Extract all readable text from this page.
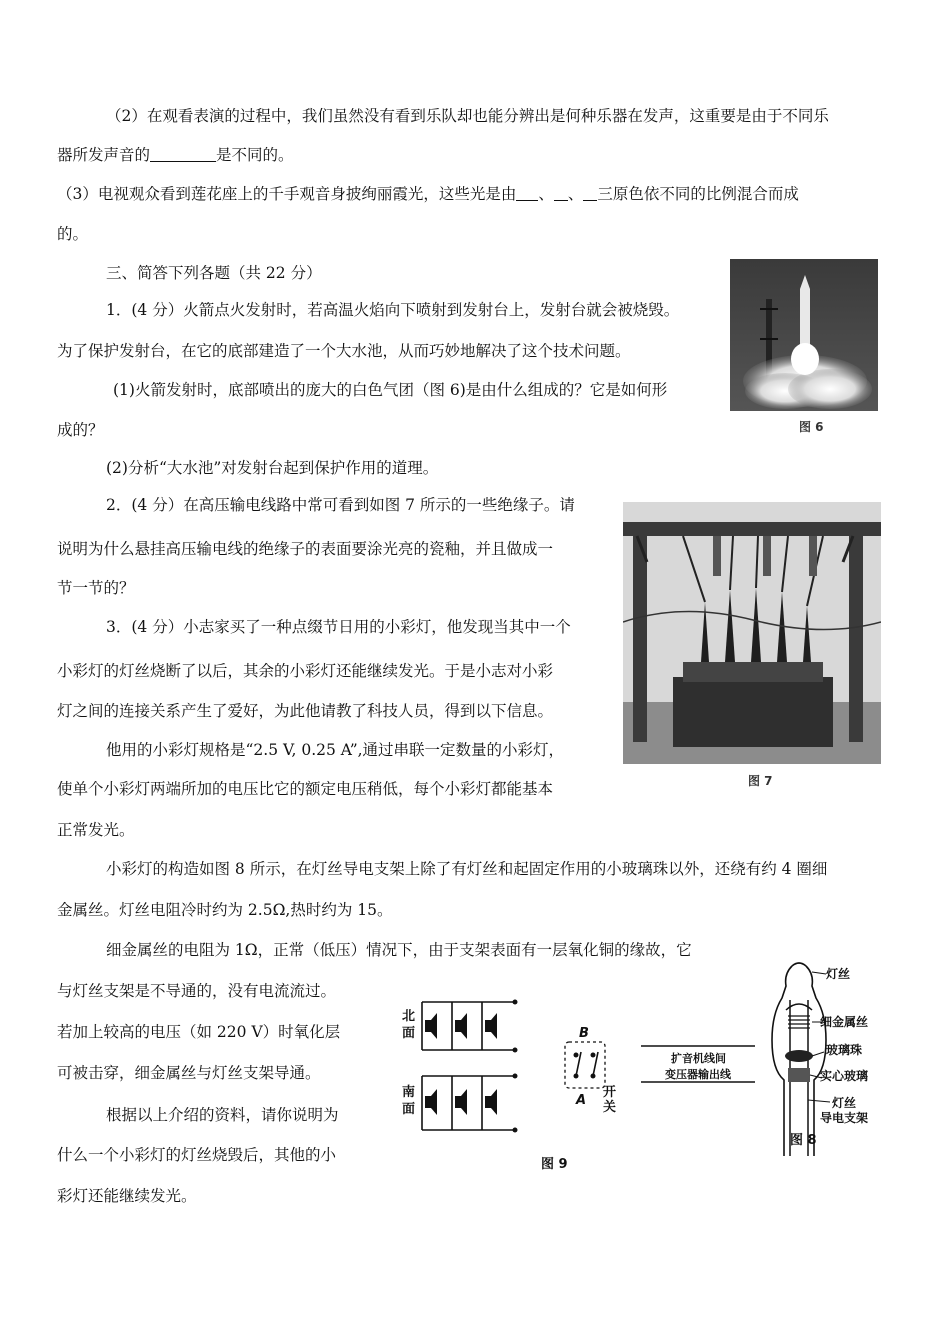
（2）在观看表演的过程中，我们虽然没有看到乐队却也能分辨出是何种乐器在发声，这重要是由于不同乐
器所发声音的	是不同的。
（3）电视观众看到莲花座上的千手观音身披绚丽霞光，这些光是由 、 、 三原色依不同的比例混合而成
的。
三、简答下列各题（共 22 分）
1．(4 分）火箭点火发射时，若高温火焰向下喷射到发射台上，发射台就会被烧毁。
为了保护发射台，在它的底部建造了一个大水池，从而巧妙地解决了这个技术问题。
(1)火箭发射时，底部喷出的庞大的白色气团（图 6)是由什么组成的？它是如何形
成的？
(2)分析“大水池”对发射台起到保护作用的道理。
2．(4 分）在高压输电线路中常可看到如图 7 所示的一些绝缘子。请
说明为什么悬挂高压输电线的绝缘子的表面要涂光亮的瓷釉，并且做成一
节一节的？
3．(4 分）小志家买了一种点缀节日用的小彩灯，他发现当其中一个
小彩灯的灯丝烧断了以后，其余的小彩灯还能继续发光。于是小志对小彩
灯之间的连接关系产生了爱好，为此他请教了科技人员，得到以下信息。
他用的小彩灯规格是“2.5 V, 0.25 A”,通过串联一定数量的小彩灯，
使单个小彩灯两端所加的电压比它的额定电压稍低，每个小彩灯都能基本
正常发光。
小彩灯的构造如图 8 所示，在灯丝导电支架上除了有灯丝和起固定作用的小玻璃珠以外，还绕有约 4 圈细
金属丝。灯丝电阻冷时约为 2.5Ω,热时约为 15。
细金属丝的电阻为 1Ω，正常（低压）情况下，由于支架表面有一层氧化铜的缘故，它
与灯丝支架是不导通的，没有电流流过。
若加上较高的电压（如 220 V）时氧化层
可被击穿，细金属丝与灯丝支架导通。
根据以上介绍的资料，请你说明为
什么一个小彩灯的灯丝烧毁后，其他的小
彩灯还能继续发光。
图 6
图 7
北
面
南
面
B
A
开
关
扩音机线间
变压器输出线
图 9
灯丝
细金属丝
玻璃珠
实心玻璃
灯丝
导电支架
图 8
